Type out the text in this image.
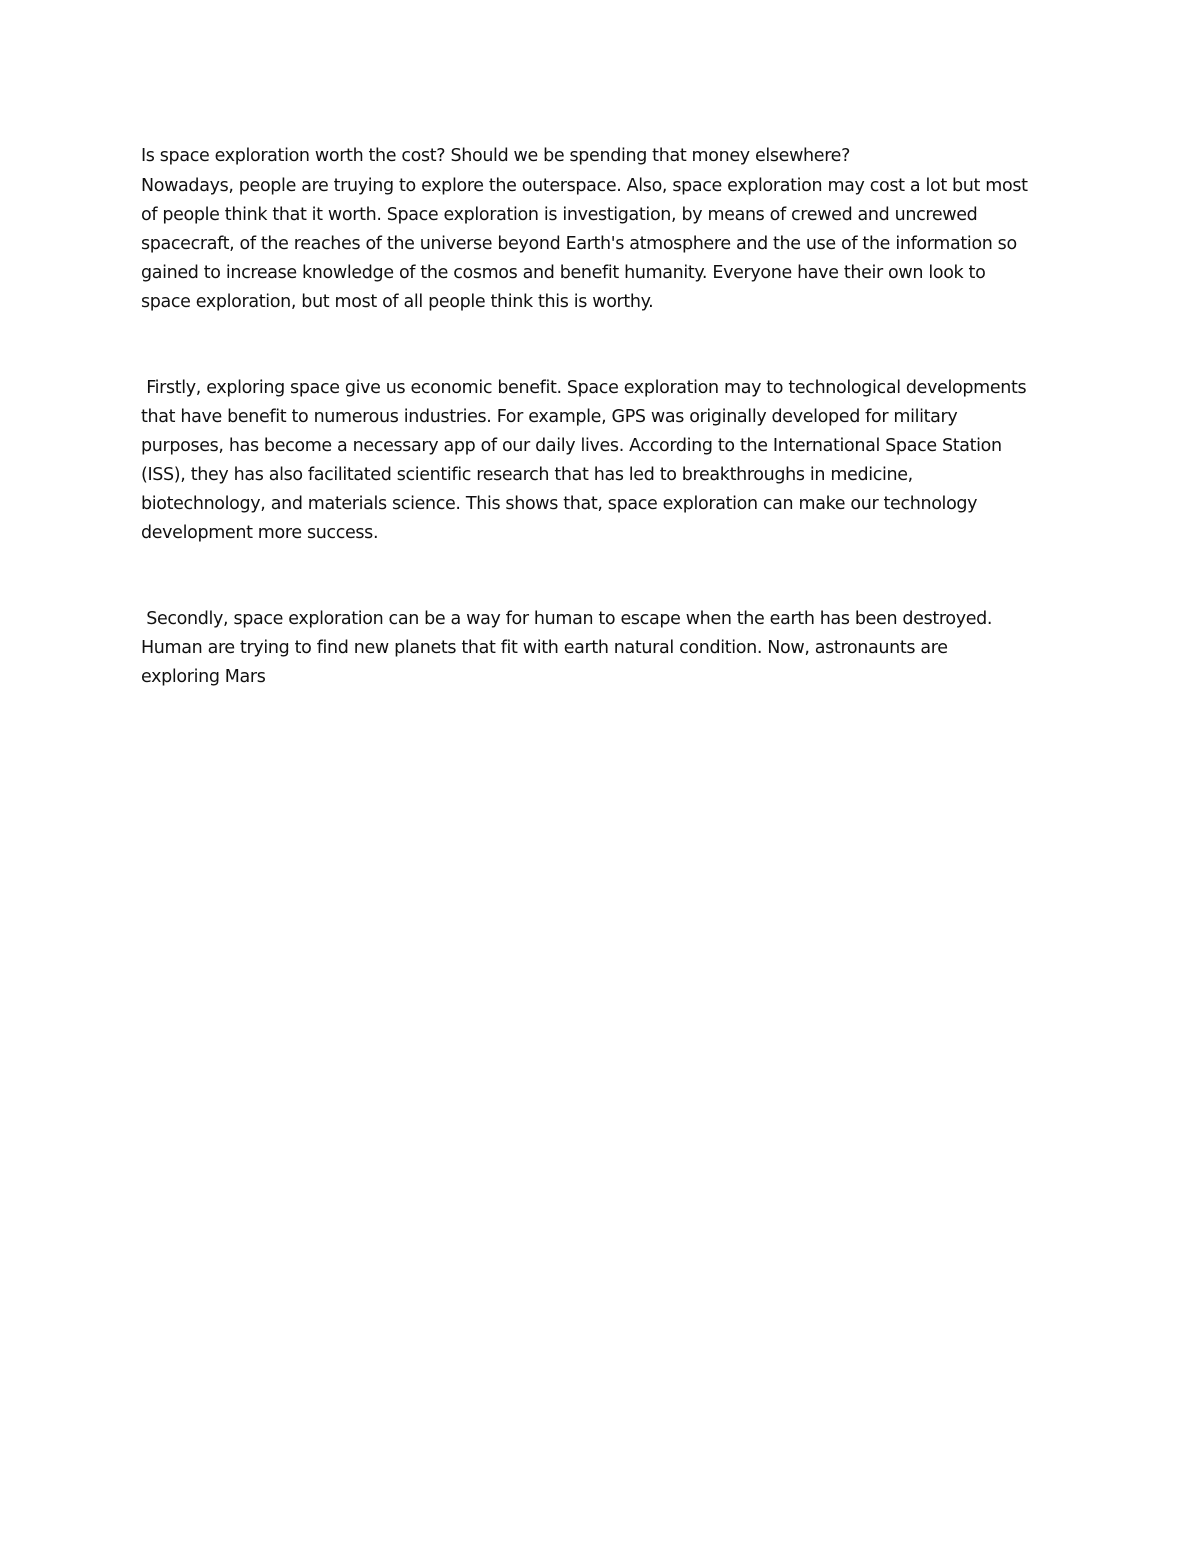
Is space exploration worth the cost? Should we be spending that money elsewhere?
Nowadays, people are truying to explore the outerspace. Also, space exploration may cost a lot but most
of people think that it worth. Space exploration is investigation, by means of crewed and uncrewed
spacecraft, of the reaches of the universe beyond Earth's atmosphere and the use of the information so
gained to increase knowledge of the cosmos and benefit humanity. Everyone have their own look to
space exploration, but most of all people think this is worthy.
Firstly, exploring space give us economic benefit. Space exploration may to technological developments
that have benefit to numerous industries. For example, GPS was originally developed for military
purposes, has become a necessary app of our daily lives. According to the International Space Station
(ISS), they has also facilitated scientific research that has led to breakthroughs in medicine,
biotechnology, and materials science. This shows that, space exploration can make our technology
development more success.
Secondly, space exploration can be a way for human to escape when the earth has been destroyed.
Human are trying to find new planets that fit with earth natural condition. Now, astronaunts are
exploring Mars
